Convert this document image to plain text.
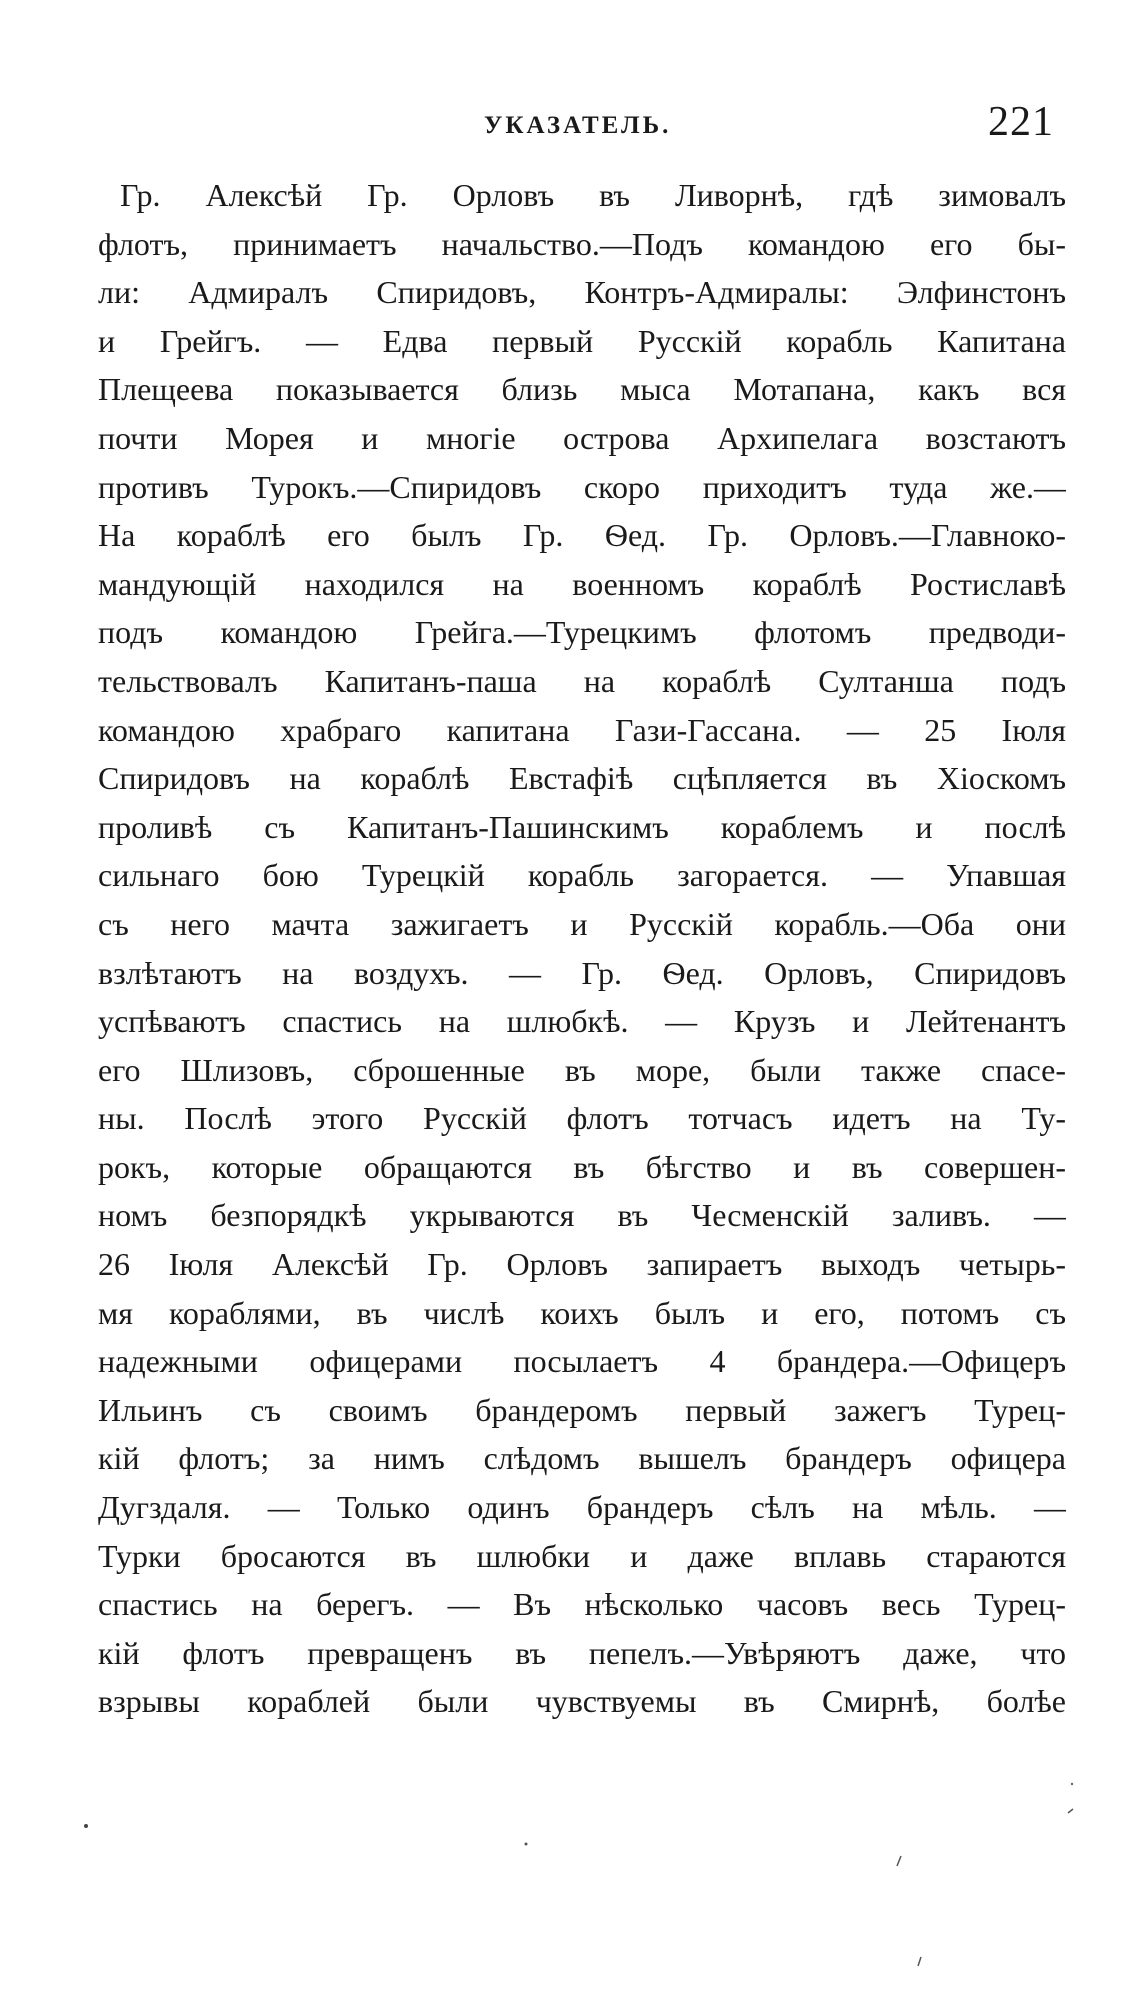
УКАЗАТЕЛЬ.	221
Гр. Алексѣй Гр. Орловъ въ Ливорнѣ, гдѣ зимовалъ
флотъ, принимаетъ начальство.—Подъ командою его бы-
ли: Адмиралъ Спиридовъ, Контръ-Адмиралы: Элфинстонъ
и Грейгъ. — Едва первый Русскій корабль Капитана
Плещеева показывается близь мыса Мотапана, какъ вся
почти Морея и многіе острова Архипелага возстаютъ
противъ Турокъ.—Спиридовъ скоро приходитъ туда же.—
На кораблѣ его былъ Гр. Ѳед. Гр. Орловъ.—Главноко-
мандующій находился на военномъ кораблѣ Ростиславѣ
подъ командою Грейга.—Турецкимъ флотомъ предводи-
тельствовалъ Капитанъ-паша на кораблѣ Султанша подъ
командою храбраго капитана Гази-Гассана. — 25 Іюля
Спиридовъ на кораблѣ Евстафіѣ сцѣпляется въ Хіоскомъ
проливѣ съ Капитанъ-Пашинскимъ кораблемъ и послѣ
сильнаго бою Турецкій корабль загорается. — Упавшая
съ него мачта зажигаетъ и Русскій корабль.—Оба они
взлѣтаютъ на воздухъ. — Гр. Ѳед. Орловъ, Спиридовъ
успѣваютъ спастись на шлюбкѣ. — Крузъ и Лейтенантъ
его Шлизовъ, сброшенные въ море, были также спасе-
ны. Послѣ этого Русскій флотъ тотчасъ идетъ на Ту-
рокъ, которые обращаются въ бѣгство и въ совершен-
номъ безпорядкѣ укрываются въ Чесменскій заливъ. —
26 Іюля Алексѣй Гр. Орловъ запираетъ выходъ четырь-
мя кораблями, въ числѣ коихъ былъ и его, потомъ съ
надежными офицерами посылаетъ 4 брандера.—Офицеръ
Ильинъ съ своимъ брандеромъ первый зажегъ Турец-
кій флотъ; за нимъ слѣдомъ вышелъ брандеръ офицера
Дугздаля. — Только одинъ брандеръ сѣлъ на мѣль. —
Турки бросаются въ шлюбки и даже вплавь стараются
спастись на берегъ. — Въ нѣсколько часовъ весь Турец-
кій флотъ превращенъ въ пепелъ.—Увѣряютъ даже, что
взрывы кораблей были чувствуемы въ Смирнѣ, болѣе
